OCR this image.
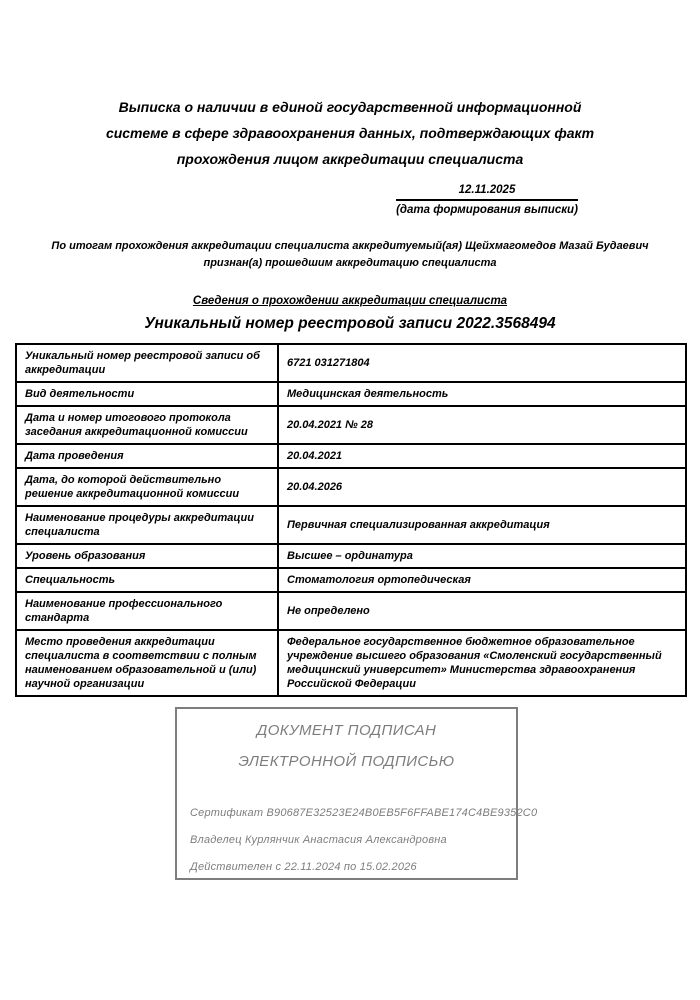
Выписка о наличии в единой государственной информационной
системе в сфере здравоохранения данных, подтверждающих факт
прохождения лицом аккредитации специалиста
12.11.2025
(дата формирования выписки)
По итогам прохождения аккредитации специалиста аккредитуемый(ая) Щейхмагомедов Мазай Будаевич
признан(а) прошедшим аккредитацию специалиста
Сведения о прохождении аккредитации специалиста
Уникальный номер реестровой записи 2022.3568494
Уникальный номер реестровой записи об аккредитации	6721 031271804
Вид деятельности	Медицинская деятельность
Дата и номер итогового протокола заседания аккредитационной комиссии	20.04.2021 № 28
Дата проведения	20.04.2021
Дата, до которой действительно решение аккредитационной комиссии	20.04.2026
Наименование процедуры аккредитации специалиста	Первичная специализированная аккредитация
Уровень образования	Высшее – ординатура
Специальность	Стоматология ортопедическая
Наименование профессионального стандарта	Не определено
Место проведения аккредитации специалиста в соответствии с полным наименованием образовательной и (или) научной организации	Федеральное государственное бюджетное образовательное учреждение высшего образования «Смоленский государственный медицинский университет» Министерства здравоохранения Российской Федерации
ДОКУМЕНТ ПОДПИСАН
ЭЛЕКТРОННОЙ ПОДПИСЬЮ
Сертификат B90687E32523E24B0EB5F6FFABE174C4BE9352C0
Владелец Курлянчик Анастасия Александровна
Действителен с 22.11.2024 по 15.02.2026
